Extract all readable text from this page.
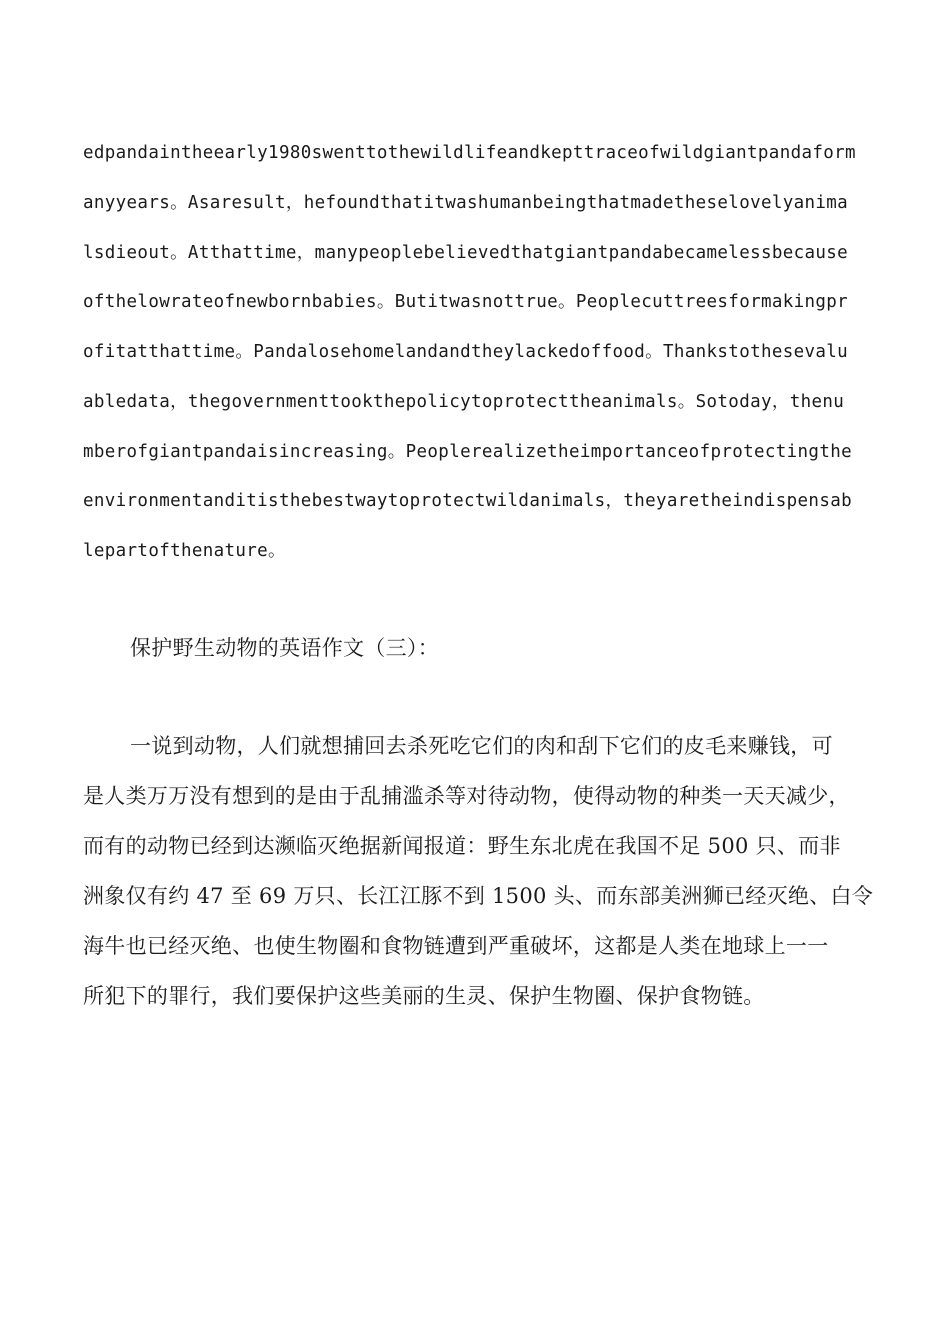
edpandaintheearly1980swenttothewildlifeandkepttraceofwildgiantpandaform
anyyears。Asaresult，hefoundthatitwashumanbeingthatmadetheselovelyanima
lsdieout。Atthattime，manypeoplebelievedthatgiantpandabecamelessbecause
ofthelowrateofnewbornbabies。Butitwasnottrue。Peoplecuttreesformakingpr
ofitatthattime。Pandalosehomelandandtheylackedoffood。Thankstothesevalu
abledata，thegovernmenttookthepolicytoprotecttheanimals。Sotoday，thenu
mberofgiantpandaisincreasing。Peoplerealizetheimportanceofprotectingthe
environmentanditisthebestwaytoprotectwildanimals，theyaretheindispensab
lepartofthenature。
保护野生动物的英语作文（三）：
一说到动物，人们就想捕回去杀死吃它们的肉和刮下它们的皮毛来赚钱，可
是人类万万没有想到的是由于乱捕滥杀等对待动物，使得动物的种类一天天减少，
而有的动物已经到达濒临灭绝据新闻报道：野生东北虎在我国不足 500 只、而非
洲象仅有约 47 至 69 万只、长江江豚不到 1500 头、而东部美洲狮已经灭绝、白令
海牛也已经灭绝、也使生物圈和食物链遭到严重破坏，这都是人类在地球上一一
所犯下的罪行，我们要保护这些美丽的生灵、保护生物圈、保护食物链。
